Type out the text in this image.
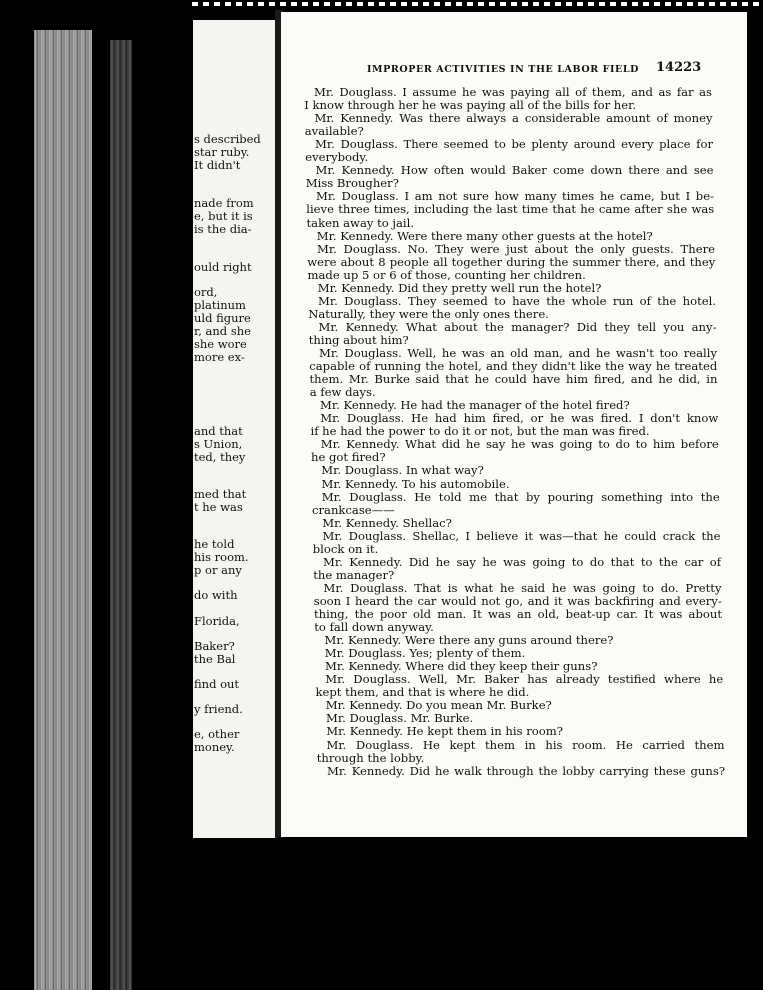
s described
star ruby.
It didn't
nade from
e, but it is
is the dia-
ould right
ord,
platinum
uld figure
r, and she
she wore
more ex-
and that
s Union,
ted, they
med that
t he was
he told
his room.
p or any
do with
Florida,
Baker?
the Bal
find out
y friend.
e, other
money.
IMPROPER ACTIVITIES IN THE LABOR FIELD 14223
Mr. Douglass. I assume he was paying all of them, and as far as
I know through her he was paying all of the bills for her.
Mr. Kennedy. Was there always a considerable amount of money
available?
Mr. Douglass. There seemed to be plenty around every place for
everybody.
Mr. Kennedy. How often would Baker come down there and see
Miss Brougher?
Mr. Douglass. I am not sure how many times he came, but I be-
lieve three times, including the last time that he came after she was
taken away to jail.
Mr. Kennedy. Were there many other guests at the hotel?
Mr. Douglass. No. They were just about the only guests. There
were about 8 people all together during the summer there, and they
made up 5 or 6 of those, counting her children.
Mr. Kennedy. Did they pretty well run the hotel?
Mr. Douglass. They seemed to have the whole run of the hotel.
Naturally, they were the only ones there.
Mr. Kennedy. What about the manager? Did they tell you any-
thing about him?
Mr. Douglass. Well, he was an old man, and he wasn't too really
capable of running the hotel, and they didn't like the way he treated
them. Mr. Burke said that he could have him fired, and he did, in
a few days.
Mr. Kennedy. He had the manager of the hotel fired?
Mr. Douglass. He had him fired, or he was fired. I don't know
if he had the power to do it or not, but the man was fired.
Mr. Kennedy. What did he say he was going to do to him before
he got fired?
Mr. Douglass. In what way?
Mr. Kennedy. To his automobile.
Mr. Douglass. He told me that by pouring something into the
crankcase——
Mr. Kennedy. Shellac?
Mr. Douglass. Shellac, I believe it was—that he could crack the
block on it.
Mr. Kennedy. Did he say he was going to do that to the car of
the manager?
Mr. Douglass. That is what he said he was going to do. Pretty
soon I heard the car would not go, and it was backfiring and every-
thing, the poor old man. It was an old, beat-up car. It was about
to fall down anyway.
Mr. Kennedy. Were there any guns around there?
Mr. Douglass. Yes; plenty of them.
Mr. Kennedy. Where did they keep their guns?
Mr. Douglass. Well, Mr. Baker has already testified where he
kept them, and that is where he did.
Mr. Kennedy. Do you mean Mr. Burke?
Mr. Douglass. Mr. Burke.
Mr. Kennedy. He kept them in his room?
Mr. Douglass. He kept them in his room. He carried them
through the lobby.
Mr. Kennedy. Did he walk through the lobby carrying these guns?
